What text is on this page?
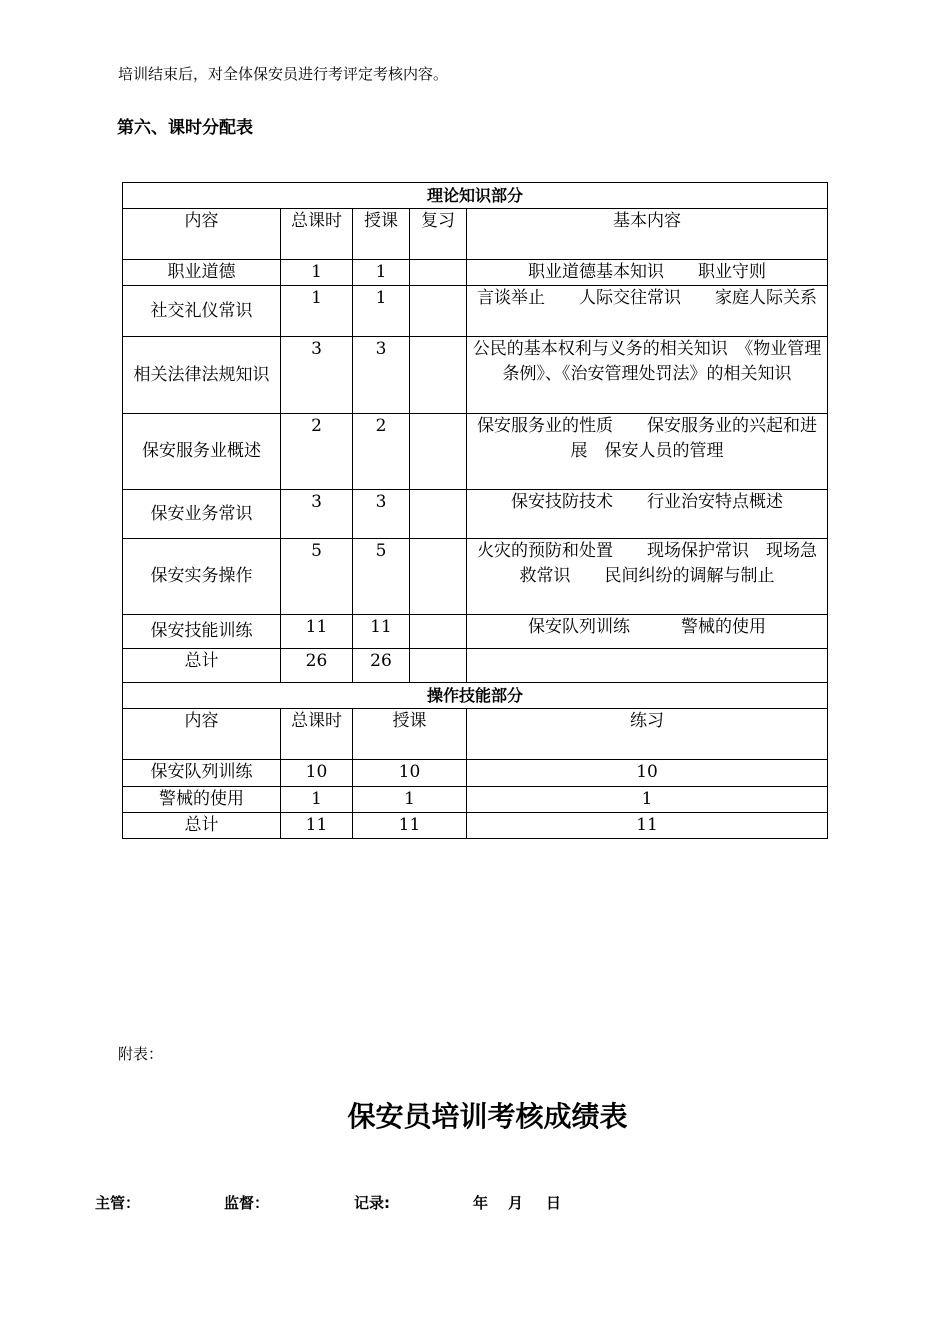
培训结束后，对全体保安员进行考评定考核内容。
第六、课时分配表
理论知识部分				
内容	总课时	授课	复习	基本内容
职业道德	1	1		职业道德基本知识　　职业守则
社交礼仪常识	1	1		言谈举止　　人际交往常识　　家庭人际关系
相关法律法规知识	3	3		公民的基本权利与义务的相关知识　《物业管理条例》、《治安管理处罚法》的相关知识
保安服务业概述	2	2		保安服务业的性质　　保安服务业的兴起和进展　保安人员的管理
保安业务常识	3	3		保安技防技术　　行业治安特点概述
保安实务操作	5	5		火灾的预防和处置　　现场保护常识　现场急救常识　　民间纠纷的调解与制止
保安技能训练	11	11		保安队列训练　　　警械的使用
总计	26	26		
操作技能部分				
内容	总课时	授课		练习
保安队列训练	10	10		10
警械的使用	1	1		1
总计	11	11		11
附表：
保安员培训考核成绩表
主管：	监督：	记录:	年 月 日
